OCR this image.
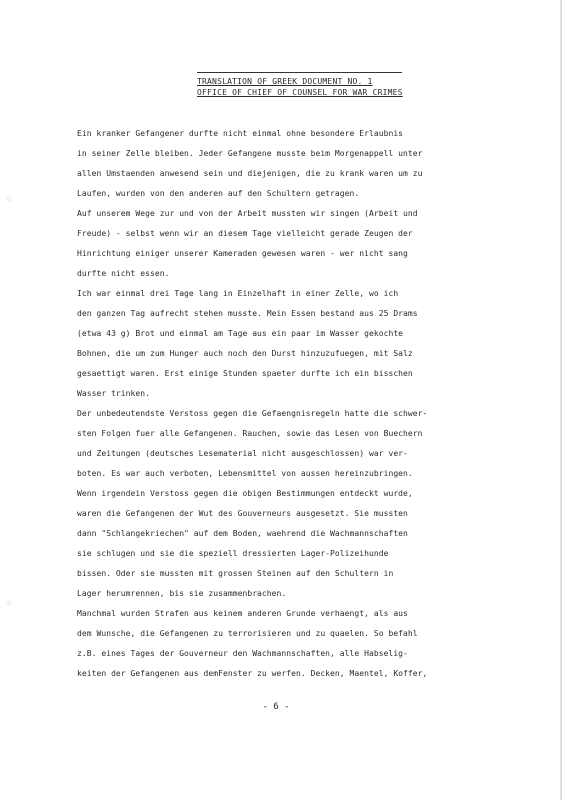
TRANSLATION OF GREEK DOCUMENT NO. 1
OFFICE OF CHIEF OF COUNSEL FOR WAR CRIMES
Ein kranker Gefangener durfte nicht einmal ohne besondere Erlaubnis
in seiner Zelle bleiben. Jeder Gefangene musste beim Morgenappell unter
allen Umstaenden anwesend sein und diejenigen, die zu krank waren um zu
Laufen, wurden von den anderen auf den Schultern getragen.
Auf unserem Wege zur und von der Arbeit mussten wir singen (Arbeit und
Freude) - selbst wenn wir an diesem Tage vielleicht gerade Zeugen der
Hinrichtung einiger unserer Kameraden gewesen waren - wer nicht sang
durfte nicht essen.
Ich war einmal drei Tage lang in Einzelhaft in einer Zelle, wo ich
den ganzen Tag aufrecht stehen musste. Mein Essen bestand aus 25 Drams
(etwa 43 g) Brot und einmal am Tage aus ein paar im Wasser gekochte
Bohnen, die um zum Hunger auch noch den Durst hinzuzufuegen, mit Salz
gesaettigt waren. Erst einige Stunden spaeter durfte ich ein bisschen
Wasser trinken.
Der unbedeutendste Verstoss gegen die Gefaengnisregeln hatte die schwer-
sten Folgen fuer alle Gefangenen. Rauchen, sowie das Lesen von Buechern
und Zeitungen (deutsches Lesematerial nicht ausgeschlossen) war ver-
boten. Es war auch verboten, Lebensmittel von aussen hereinzubringen.
Wenn irgendein Verstoss gegen die obigen Bestimmungen entdeckt wurde,
waren die Gefangenen der Wut des Gouverneurs ausgesetzt. Sie mussten
dann "Schlangekriechen" auf dem Boden, waehrend die Wachmannschaften
sie schlugen und sie die speziell dressierten Lager-Polizeihunde
bissen. Oder sie mussten mit grossen Steinen auf den Schultern in
Lager herumrennen, bis sie zusammenbrachen.
Manchmal wurden Strafen aus keinem anderen Grunde verhaengt, als aus
dem Wunsche, die Gefangenen zu terrorisieren und zu quaelen. So befahl
z.B. eines Tages der Gouverneur den Wachmannschaften, alle Habselig-
keiten der Gefangenen aus demFenster zu werfen. Decken, Maentel, Koffer,
- 6 -
